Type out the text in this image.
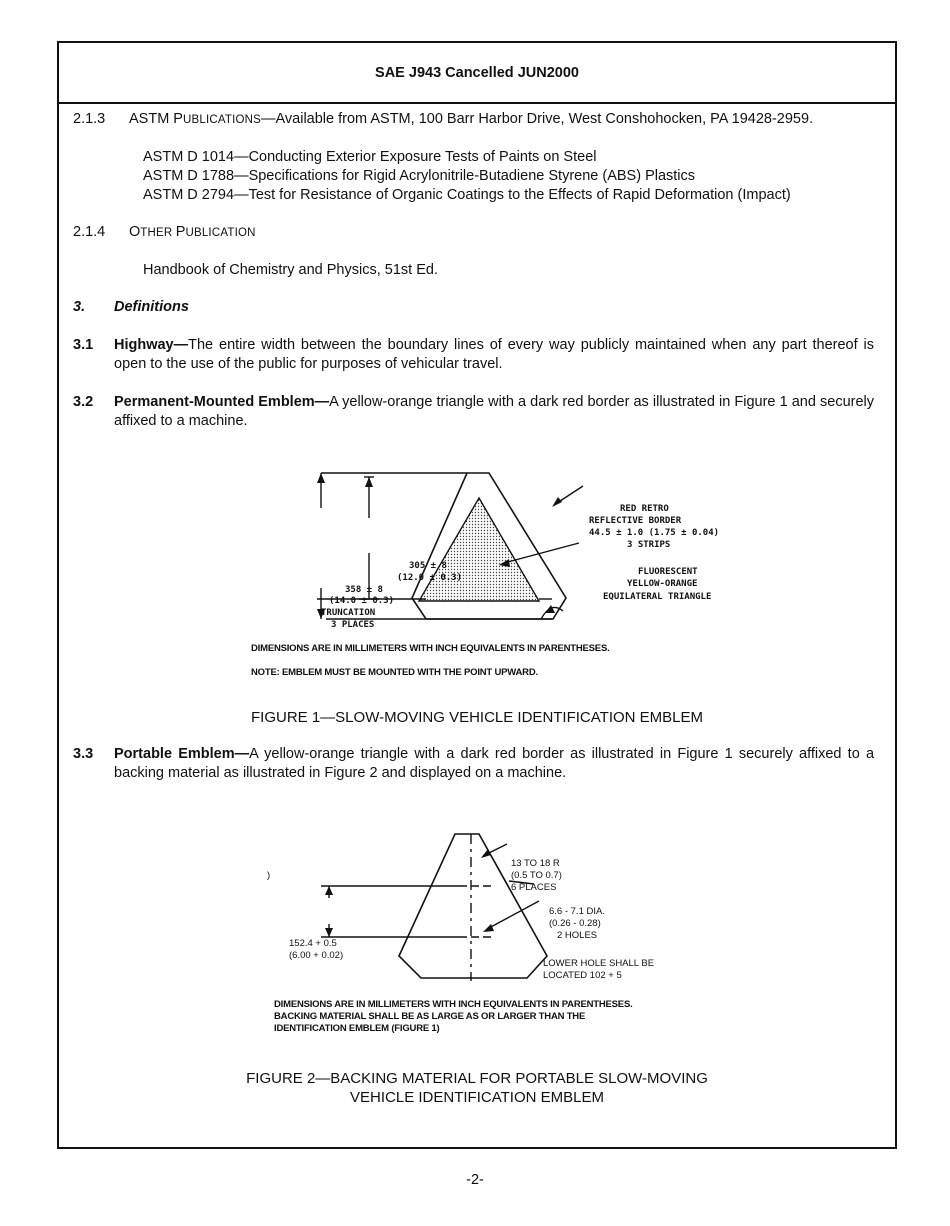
SAE J943 Cancelled JUN2000
2.1.3 ASTM PUBLICATIONS—Available from ASTM, 100 Barr Harbor Drive, West Conshohocken, PA 19428-2959.
ASTM D 1014—Conducting Exterior Exposure Tests of Paints on Steel
ASTM D 1788—Specifications for Rigid Acrylonitrile-Butadiene Styrene (ABS) Plastics
ASTM D 2794—Test for Resistance of Organic Coatings to the Effects of Rapid Deformation (Impact)
2.1.4 OTHER PUBLICATION
Handbook of Chemistry and Physics, 51st Ed.
3. Definitions
3.1 Highway—The entire width between the boundary lines of every way publicly maintained when any part thereof is open to the use of the public for purposes of vehicular travel.
3.2 Permanent-Mounted Emblem—A yellow-orange triangle with a dark red border as illustrated in Figure 1 and securely affixed to a machine.
RED RETRO
REFLECTIVE BORDER
44.5 ± 1.0 (1.75 ± 0.04)
3 STRIPS
FLUORESCENT
YELLOW-ORANGE
EQUILATERAL TRIANGLE
305 ± 8
(12.0 ± 0.3)
358 ± 8
(14.0 ± 0.3)
TRUNCATION
3 PLACES
DIMENSIONS ARE IN MILLIMETERS WITH INCH EQUIVALENTS IN PARENTHESES.
NOTE: EMBLEM MUST BE MOUNTED WITH THE POINT UPWARD.
FIGURE 1—SLOW-MOVING VEHICLE IDENTIFICATION EMBLEM
3.3 Portable Emblem—A yellow-orange triangle with a dark red border as illustrated in Figure 1 securely affixed to a backing material as illustrated in Figure 2 and displayed on a machine.
)
13 TO 18 R
(0.5 TO 0.7)
6 PLACES
6.6 - 7.1 DIA.
(0.26 - 0.28)
2 HOLES
152.4 + 0.5
(6.00 + 0.02)
LOWER HOLE SHALL BE
LOCATED 102 + 5
DIMENSIONS ARE IN MILLIMETERS WITH INCH EQUIVALENTS IN PARENTHESES.
BACKING MATERIAL SHALL BE AS LARGE AS OR LARGER THAN THE
IDENTIFICATION EMBLEM (FIGURE 1)
FIGURE 2—BACKING MATERIAL FOR PORTABLE SLOW-MOVING
VEHICLE IDENTIFICATION EMBLEM
-2-
